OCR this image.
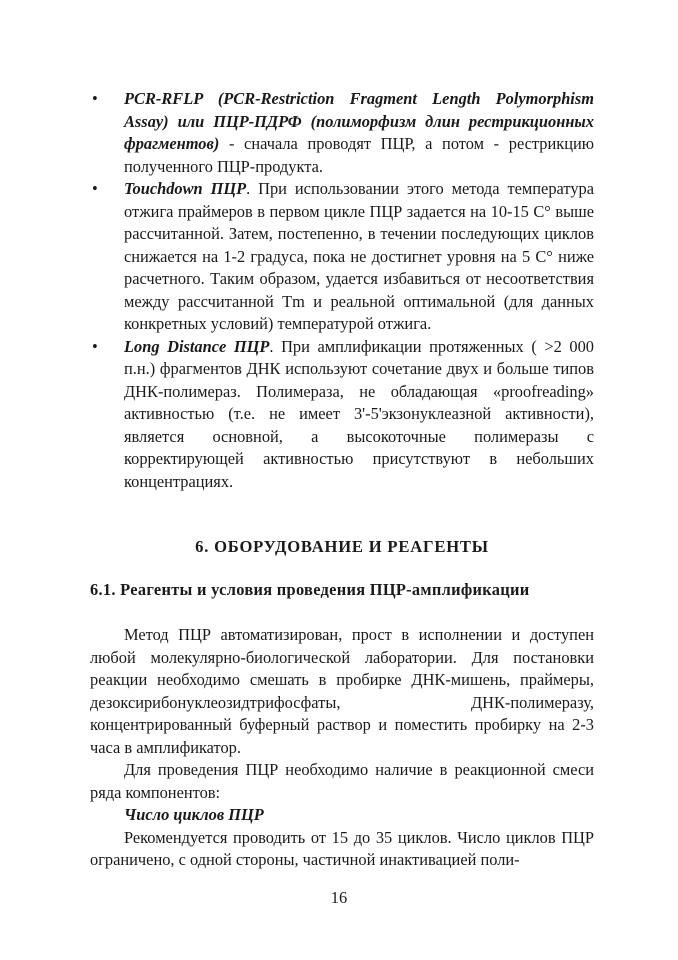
• PCR-RFLP (PCR-Restriction Fragment Length Polymorphism Assay) или ПЦР-ПДРФ (полиморфизм длин рестрикционных фрагментов) - сначала проводят ПЦР, а потом - рестрикцию полученного ПЦР-продукта.
• Touchdown ПЦР. При использовании этого метода температура отжига праймеров в первом цикле ПЦР задается на 10-15 С° выше рассчитанной. Затем, постепенно, в течении последующих циклов снижается на 1-2 градуса, пока не достигнет уровня на 5 С° ниже расчетного. Таким образом, удается избавиться от несоответствия между рассчитанной Tm и реальной оптимальной (для данных конкретных условий) температурой отжига.
• Long Distance ПЦР. При амплификации протяженных ( >2 000 п.н.) фрагментов ДНК используют сочетание двух и больше типов ДНК-полимераз. Полимераза, не обладающая «proofreading» активностью (т.е. не имеет 3'-5'экзонуклеазной активности), является основной, а высокоточные полимеразы с корректирующей активностью присутствуют в небольших концентрациях.
6. ОБОРУДОВАНИЕ И РЕАГЕНТЫ
6.1. Реагенты и условия проведения ПЦР-амплификации

Метод ПЦР автоматизирован, прост в исполнении и доступен любой молекулярно-биологической лаборатории. Для постановки реакции необходимо смешать в пробирке ДНК-мишень, праймеры, дезоксирибонуклеозидтрифосфаты, ДНК-полимеразу, концентрированный буферный раствор и поместить пробирку на 2-3 часа в амплификатор.

Для проведения ПЦР необходимо наличие в реакционной смеси ряда компонентов:

Число циклов ПЦР

Рекомендуется проводить от 15 до 35 циклов. Число циклов ПЦР ограничено, с одной стороны, частичной инактивацией поли-

16
